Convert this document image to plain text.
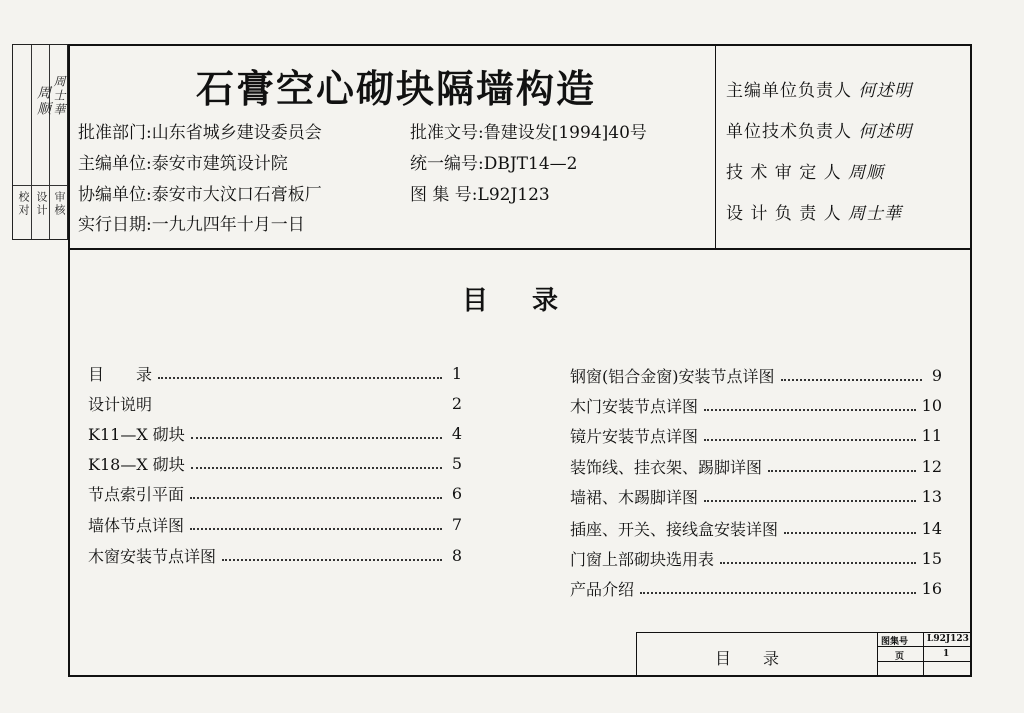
校对 设计 审核
周顺 周士華	石膏空心砌块隔墙构造
批准部门:山东省城乡建设委员会
主编单位:泰安市建筑设计院
协编单位:泰安市大汶口石膏板厂
实行日期:一九九四年十月一日
批准文号:鲁建设发[1994]40号
统一编号:DBJT14—2
图 集 号:L92J123
主编单位负责人 何述明
单位技术负责人 何述明
技 术 审 定 人 周顺
设 计 负 责 人 周士華
目录
目　　录	1
设计说明	2
K11—X 砌块	4
K18—X 砌块	5
节点索引平面	6
墙体节点详图	7
木窗安装节点详图	8
钢窗(铝合金窗)安装节点详图	9
木门安装节点详图	10
镜片安装节点详图	11
装饰线、挂衣架、踢脚详图	12
墙裙、木踢脚详图	13
插座、开关、接线盒安装详图	14
门窗上部砌块选用表	15
产品介绍	16
目　　录
图集号 L92J123
页	1
